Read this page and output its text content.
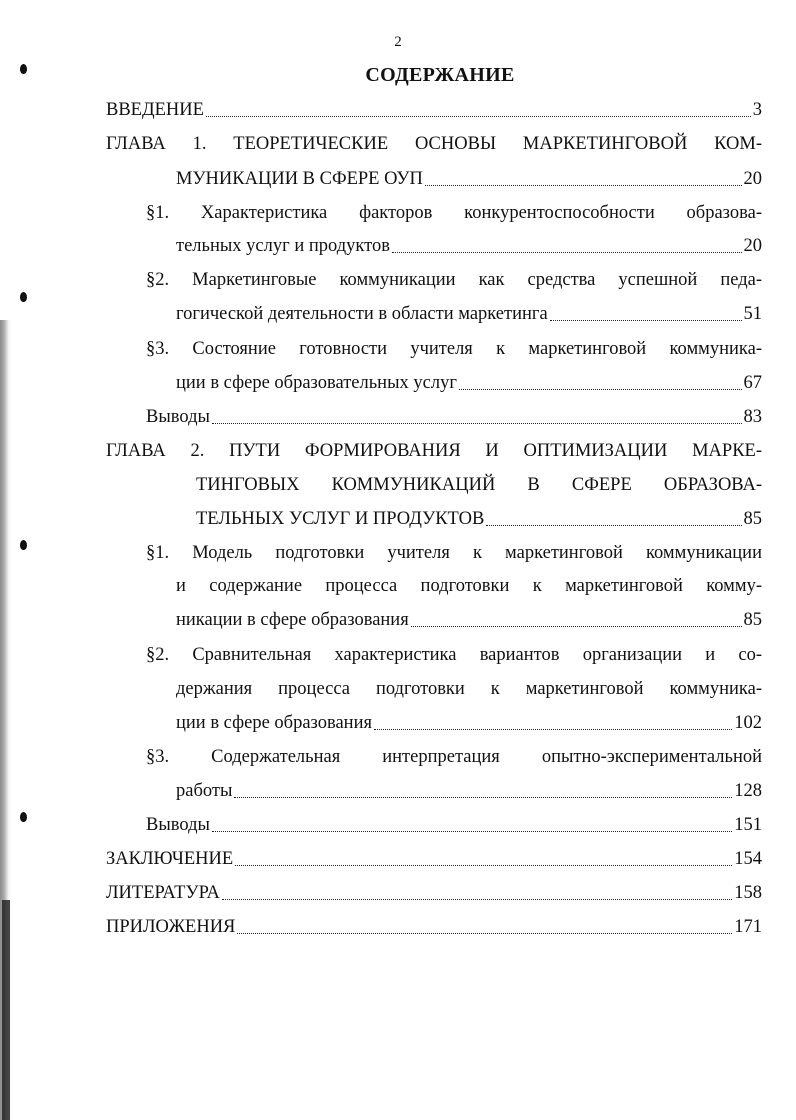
2
СОДЕРЖАНИЕ
ВВЕДЕНИЕ	3
ГЛАВА 1. ТЕОРЕТИЧЕСКИЕ ОСНОВЫ МАРКЕТИНГОВОЙ КОМ-
МУНИКАЦИИ В СФЕРЕ ОУП	20
§1. Характеристика факторов конкурентоспособности образова-
тельных услуг и продуктов	20
§2. Маркетинговые коммуникации как средства успешной педа-
гогической деятельности в области маркетинга	51
§3. Состояние готовности учителя к маркетинговой коммуника-
ции в сфере образовательных услуг	67
Выводы	83
ГЛАВА 2. ПУТИ ФОРМИРОВАНИЯ И ОПТИМИЗАЦИИ МАРКЕ-
ТИНГОВЫХ КОММУНИКАЦИЙ В СФЕРЕ ОБРАЗОВА-
ТЕЛЬНЫХ УСЛУГ И ПРОДУКТОВ	85
§1. Модель подготовки учителя к маркетинговой коммуникации
и содержание процесса подготовки к маркетинговой комму-
никации в сфере образования	85
§2. Сравнительная характеристика вариантов организации и со-
держания процесса подготовки к маркетинговой коммуника-
ции в сфере образования	102
§3. Содержательная интерпретация опытно-экспериментальной
работы	128
Выводы	151
ЗАКЛЮЧЕНИЕ	154
ЛИТЕРАТУРА	158
ПРИЛОЖЕНИЯ	171
